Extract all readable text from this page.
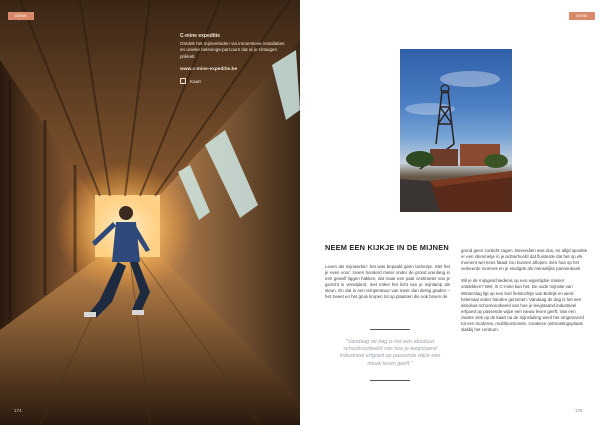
GENK
C-mine expeditie
Ontdek het mijnverleden via immersieve installaties en unieke belevings-parcours dat al je zintuigen prikkelt.
www.c-mine-expeditie.be
Kaart
174
GENK
NEEM EEN KIJKJE IN DE MIJNEN
Leven als mijnwerker: het was bepaald geen lachertje. Stel het je even voor: zeven honderd meter onder de grond urenlang in een gewelf liggen hakken, dat maar een paar centimeter van je gezicht is verwijderd, met enkel het licht van je mijnlamp als steun. En dat in een temperatuur van meer dan dertig graden – het zweet en het gruis kropen tot op plaatsen die ook boven de
"Vandaag de dag is het een absoluut schoolvoorbeeld van hoe je leegstaand industrieel erfgoed op passende wijze een nieuw leven geeft."

grond geen zonlicht zagen. Bovendien was dus, en altijd spookte er een stemmetje in je achterhoofd dat fluisterde dat het op elk moment wel eens fataal zou kunnen aflopen. Eén fout op het verkeerde moment en je eindigde als menselijke pannenkoek.

Wil je de mijngeschiedenis op een eigentijdse manier ontdekken? Wel, in C-mine kan het. De oude mijnsite van Winterslag ligt op een kort fietstochtje van Bokrijk en werd helemaal onder handen genomen. Vandaag de dag is het een absoluut schoolvoorbeeld van hoe je leegstaand industrieel erfgoed op passende wijze een nieuw leven geeft. Van een zwarte vlek op de kaart na de mijnsluiting werd het omgetoverd tot een moderne, multifunctionele, creatieve ontmoetingsplaats slakbij het centrum.

175
